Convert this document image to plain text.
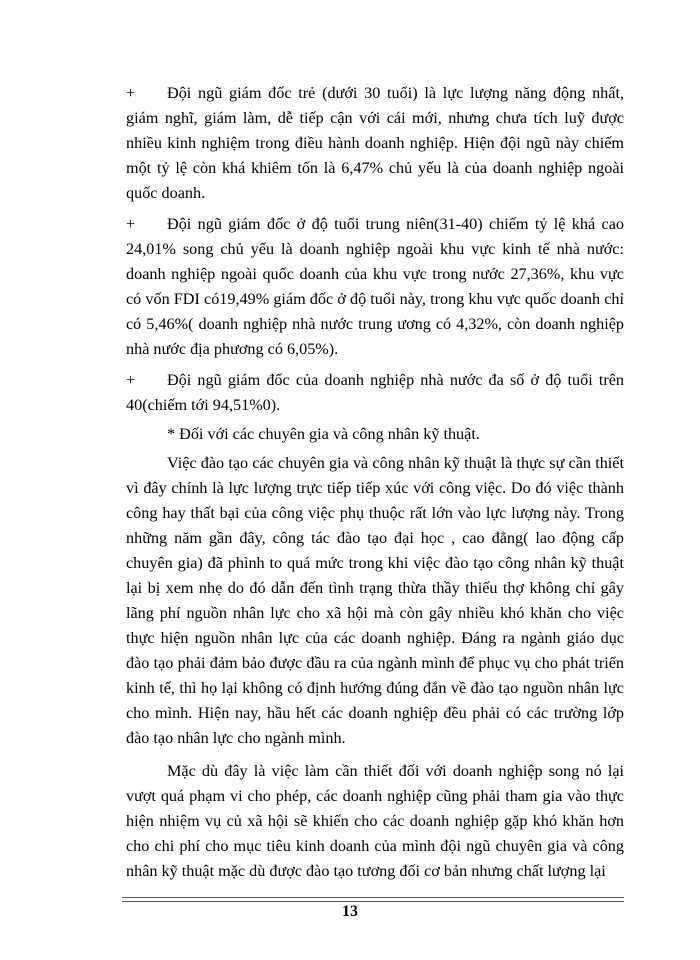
+ Đội ngũ giám đốc trẻ (dưới 30 tuổi) là lực lượng năng động nhất, giám nghĩ, giám làm, dễ tiếp cận với cái mới, nhưng chưa tích luỹ được nhiều kinh nghiệm trong điều hành doanh nghiệp. Hiện đội ngũ này chiếm một tỷ lệ còn khá khiêm tốn là 6,47% chủ yếu là của doanh nghiệp ngoài quốc doanh.

+ Đội ngũ giám đốc ở độ tuổi trung niên(31-40) chiếm tỷ lệ khá cao 24,01% song chủ yếu là doanh nghiệp ngoài khu vực kinh tế nhà nước: doanh nghiệp ngoài quốc doanh của khu vực trong nước 27,36%, khu vực có vốn FDI có19,49% giám đốc ở độ tuổi này, trong khu vực quốc doanh chỉ có 5,46%( doanh nghiệp nhà nước trung ương có 4,32%, còn doanh nghiệp nhà nước địa phương có 6,05%).

+ Đội ngũ giám đốc của doanh nghiệp nhà nước đa số ở độ tuổi trên 40(chiếm tới 94,51%0).

* Đối với các chuyên gia và công nhân kỹ thuật.

Việc đào tạo các chuyên gia và công nhân kỹ thuật là thực sự cần thiết vì đây chính là lực lượng trực tiếp tiếp xúc với công việc. Do đó việc thành công hay thất bại của công việc phụ thuộc rất lớn vào lực lượng này. Trong những năm gần đây, công tác đào tạo đại học , cao đẳng( lao động cấp chuyên gia) đã phình to quá mức trong khi việc đào tạo công nhân kỹ thuật lại bị xem nhẹ do đó dẫn đến tình trạng thừa thầy thiếu thợ không chỉ gây lãng phí nguồn nhân lực cho xã hội mà còn gây nhiều khó khăn cho việc thực hiện nguồn nhân lực của các doanh nghiệp. Đáng ra ngành giáo dục đào tạo phải đảm bảo được đầu ra của ngành mình để phục vụ cho phát triển kinh tế, thì họ lại không có định hướng đúng đắn về đào tạo nguồn nhân lực cho mình. Hiện nay, hầu hết các doanh nghiệp đều phải có các trường lớp đào tạo nhân lực cho ngành mình.

Mặc dù đây là việc làm cần thiết đối với doanh nghiệp song nó lại vượt quá phạm vi cho phép, các doanh nghiệp cũng phải tham gia vào thực hiện nhiệm vụ củ xã hội sẽ khiến cho các doanh nghiệp gặp khó khăn hơn cho chi phí cho mục tiêu kinh doanh của mình đội ngũ chuyên gia và công nhân kỹ thuật mặc dù được đào tạo tương đối cơ bản nhưng chất lượng lại

13
